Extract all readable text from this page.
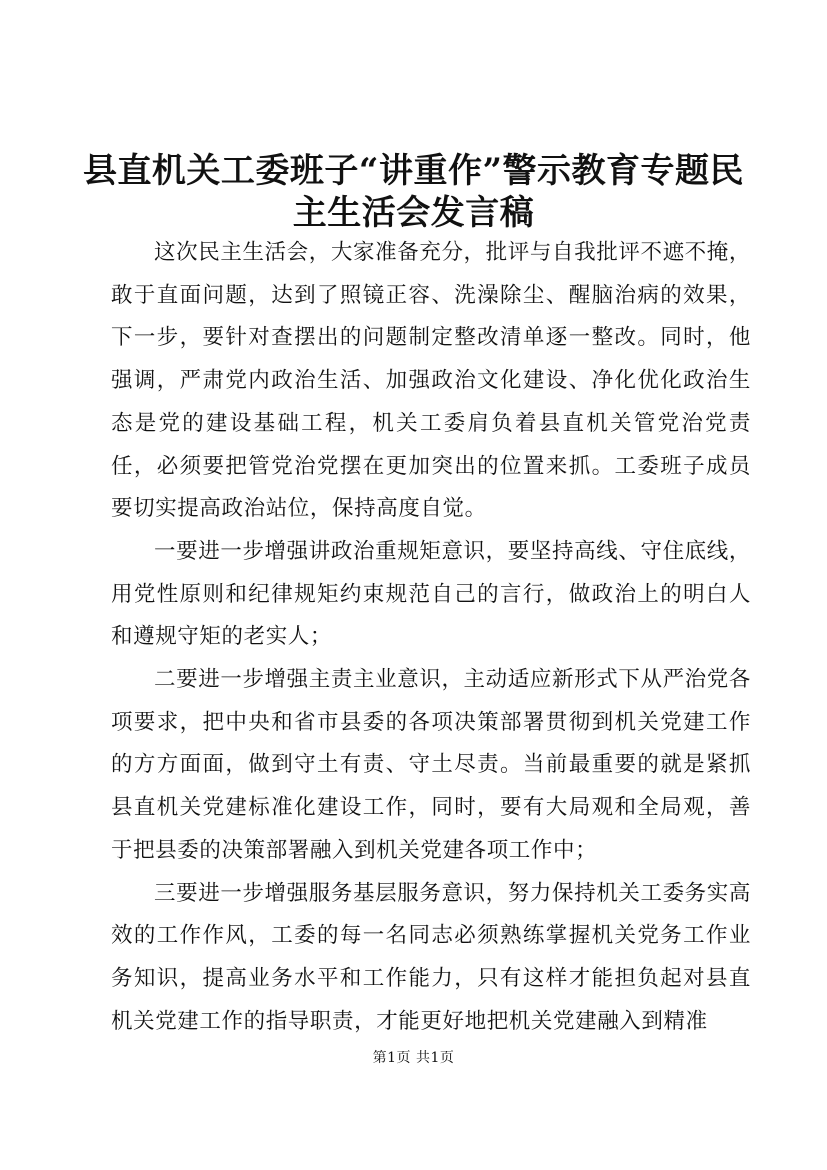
县直机关工委班子“讲重作”警示教育专题民
主生活会发言稿

这次民主生活会，大家准备充分，批评与自我批评不遮不掩，敢于直面问题，达到了照镜正容、洗澡除尘、醒脑治病的效果，下一步，要针对查摆出的问题制定整改清单逐一整改。同时，他强调，严肃党内政治生活、加强政治文化建设、净化优化政治生态是党的建设基础工程，机关工委肩负着县直机关管党治党责任，必须要把管党治党摆在更加突出的位置来抓。工委班子成员要切实提高政治站位，保持高度自觉。

一要进一步增强讲政治重规矩意识，要坚持高线、守住底线，用党性原则和纪律规矩约束规范自己的言行，做政治上的明白人和遵规守矩的老实人；

二要进一步增强主责主业意识，主动适应新形式下从严治党各项要求，把中央和省市县委的各项决策部署贯彻到机关党建工作的方方面面，做到守土有责、守土尽责。当前最重要的就是紧抓县直机关党建标准化建设工作，同时，要有大局观和全局观，善于把县委的决策部署融入到机关党建各项工作中；

三要进一步增强服务基层服务意识，努力保持机关工委务实高效的工作作风，工委的每一名同志必须熟练掌握机关党务工作业务知识，提高业务水平和工作能力，只有这样才能担负起对县直机关党建工作的指导职责，才能更好地把机关党建融入到精准

第1页 共1页
